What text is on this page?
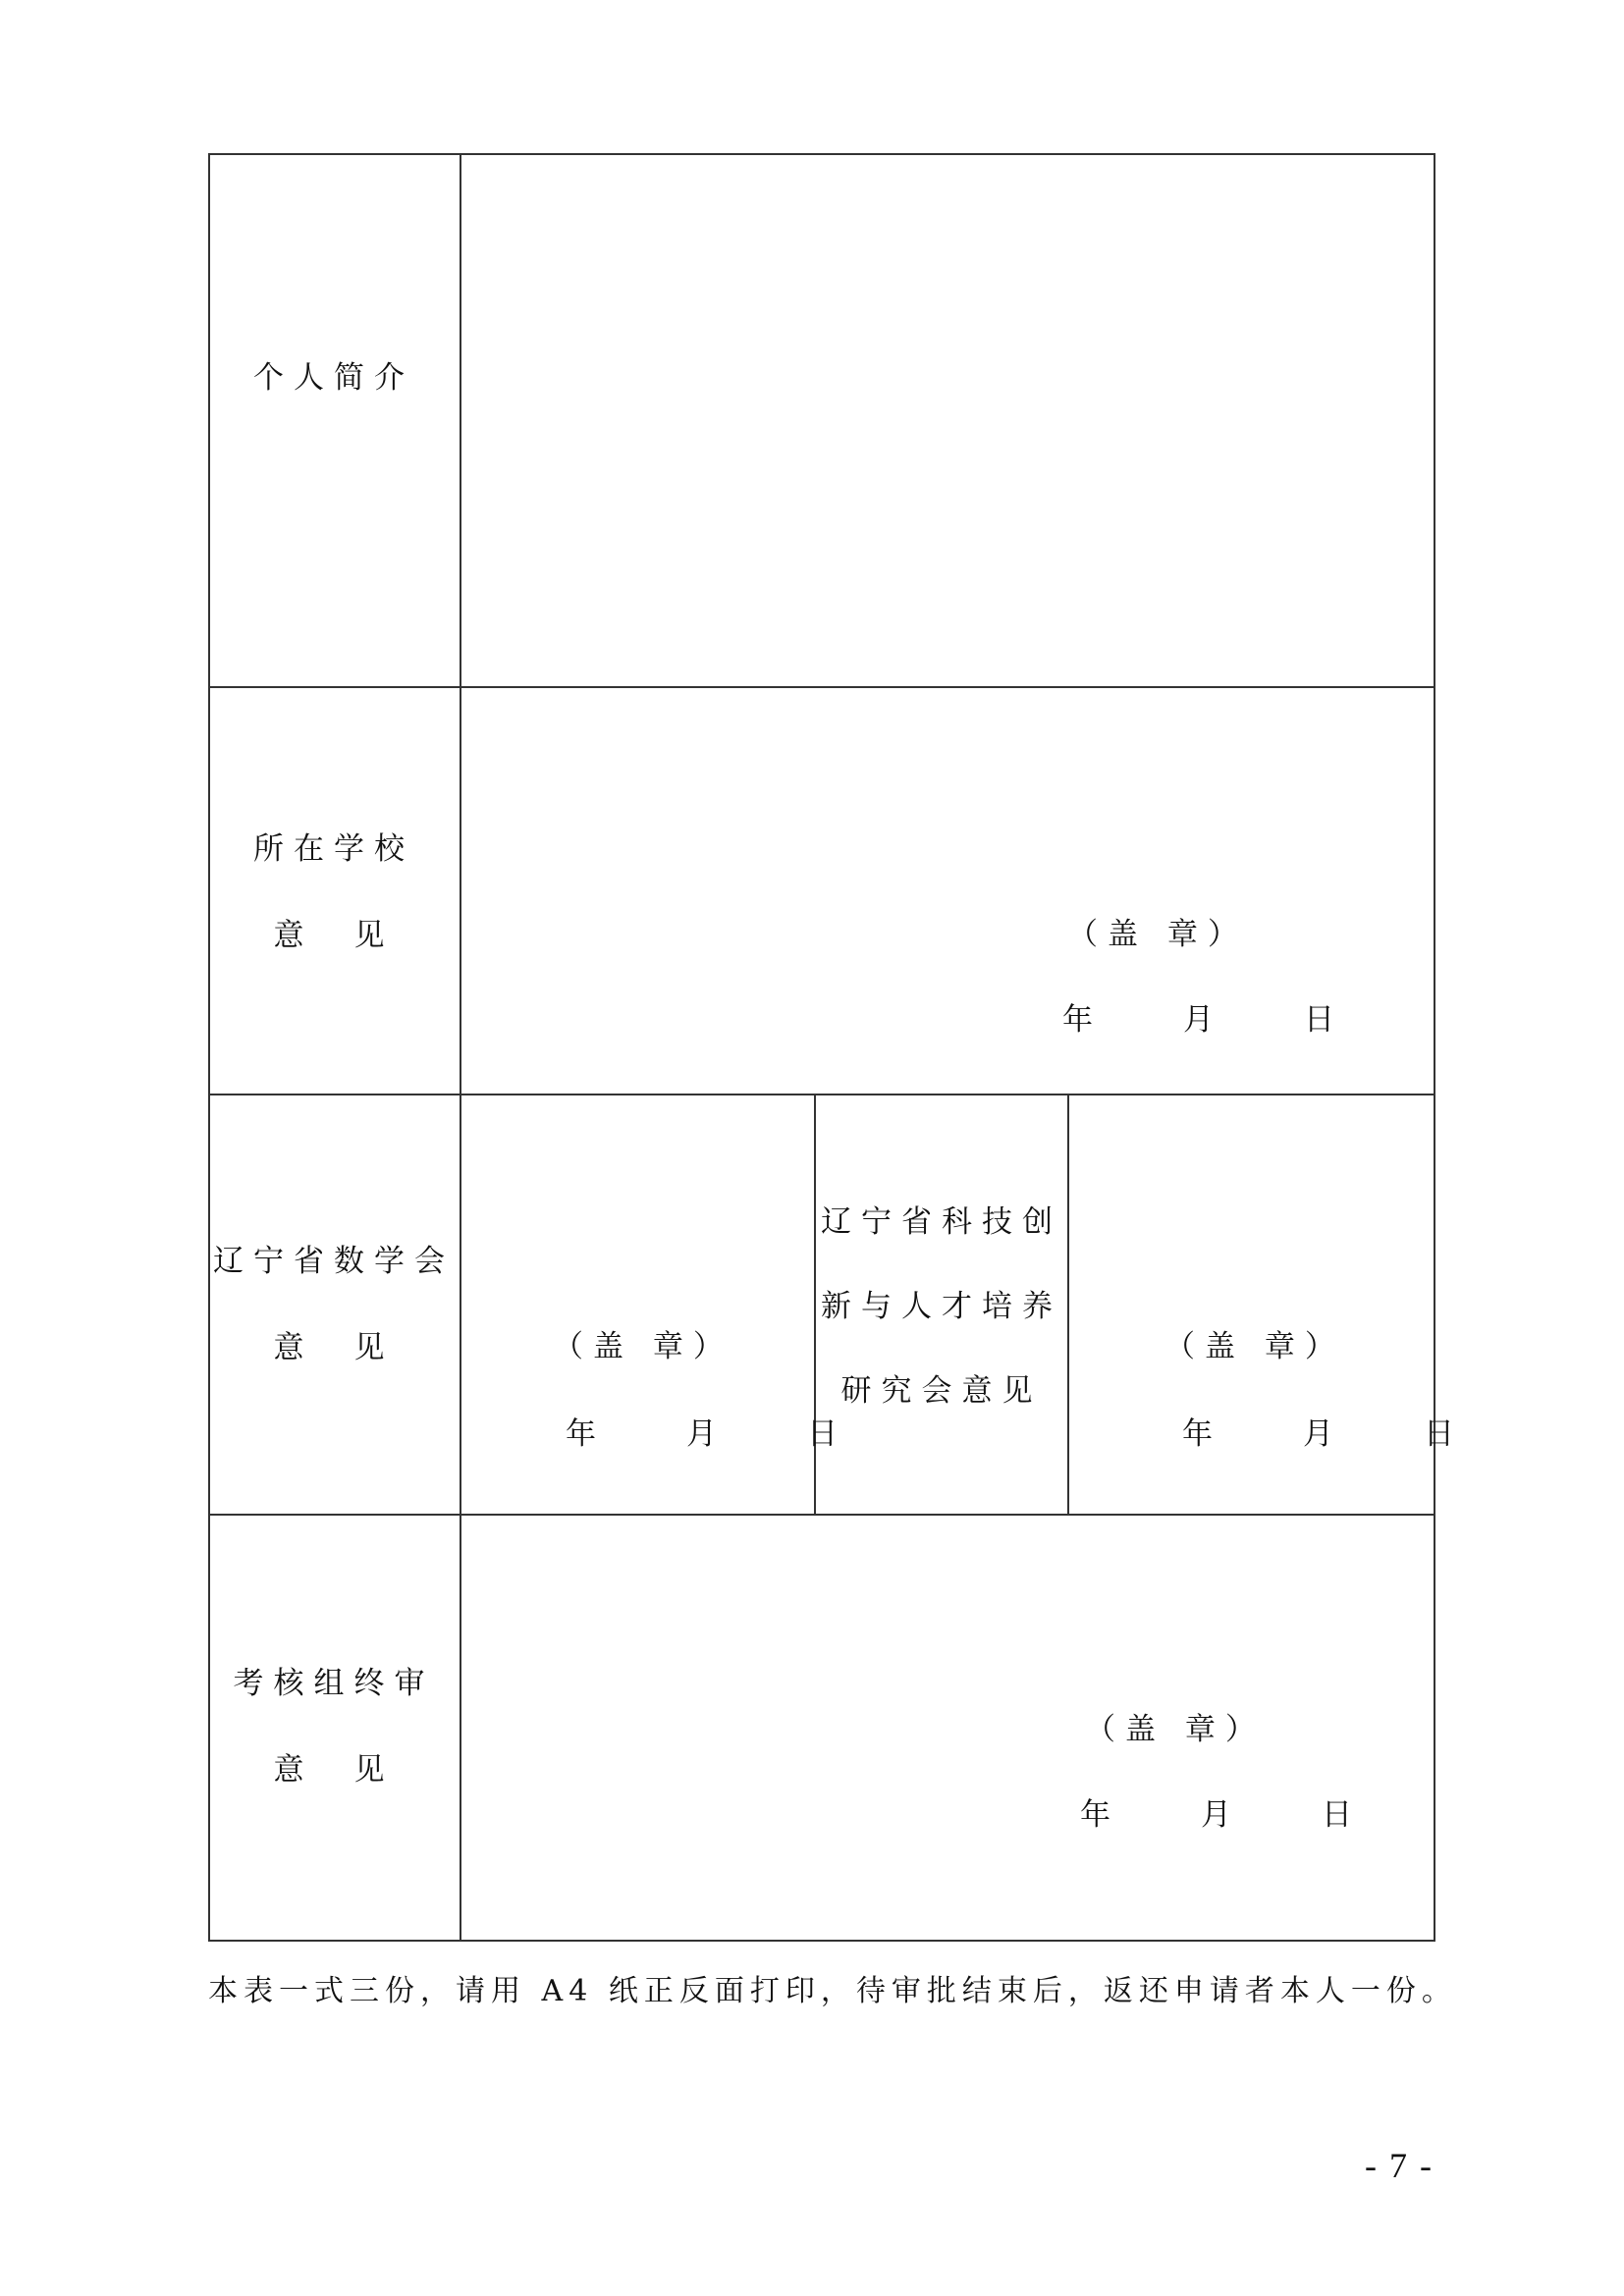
个人简介
所在学校
意　见	（盖 章）
年　　月　　日
辽宁省数学会
意　见	（盖 章）
年　　月　　日
辽宁省科技创
新与人才培养
研究会意见
（盖 章）
年　　月　　日
考核组终审
意　见
（盖 章）
年　　月　　日
本表一式三份，请用 A4 纸正反面打印，待审批结束后，返还申请者本人一份。
- 7 -
